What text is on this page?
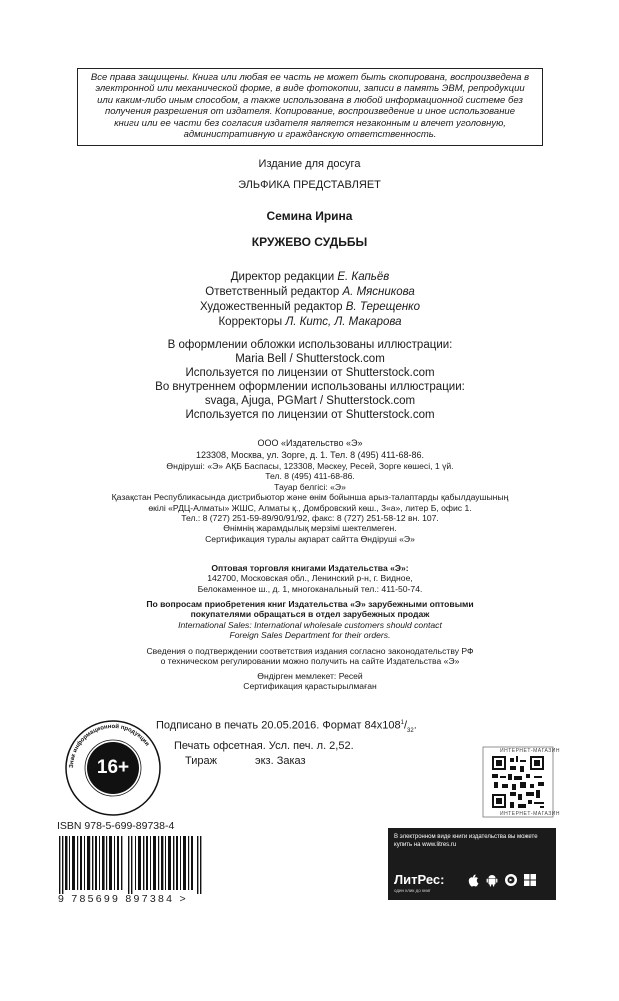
Все права защищены. Книга или любая ее часть не может быть скопирована, воспроизведена в
электронной или механической форме, в виде фотокопии, записи в память ЭВМ, репродукции
или каким-либо иным способом, а также использована в любой информационной системе без
получения разрешения от издателя. Копирование, воспроизведение и иное использование
книги или ее части без согласия издателя является незаконным и влечет уголовную,
административную и гражданскую ответственность.
Издание для досуга
ЭЛЬФИКА ПРЕДСТАВЛЯЕТ
Семина Ирина
КРУЖЕВО СУДЬБЫ
Директор редакции Е. Капьёв
Ответственный редактор А. Мясникова
Художественный редактор В. Терещенко
Корректоры Л. Китс, Л. Макарова
В оформлении обложки использованы иллюстрации:
Maria Bell / Shutterstock.com
Используется по лицензии от Shutterstock.com
Во внутреннем оформлении использованы иллюстрации:
svaga, Ajuga, PGMart / Shutterstock.com
Используется по лицензии от Shutterstock.com
ООО «Издательство «Э»
123308, Москва, ул. Зорге, д. 1. Тел. 8 (495) 411-68-86.
Өндіруші: «Э» АҚБ Баспасы, 123308, Мәскеу, Ресей, Зорге көшесі, 1 үй.
Тел. 8 (495) 411-68-86.
Тауар белгісі: «Э»
Қазақстан Республикасында дистрибьютор және өнім бойынша арыз-талаптарды қабылдаушының
өкілі «РДЦ-Алматы» ЖШС, Алматы қ., Домбровский көш., 3«а», литер Б, офис 1.
Тел.: 8 (727) 251-59-89/90/91/92, факс: 8 (727) 251-58-12 вн. 107.
Өнімнің жарамдылық мерзімі шектелмеген.
Сертификация туралы ақпарат сайтта Өндіруші «Э»
Оптовая торговля книгами Издательства «Э»:
142700, Московская обл., Ленинский р-н, г. Видное,
Белокаменное ш., д. 1, многоканальный тел.: 411-50-74.
По вопросам приобретения книг Издательства «Э» зарубежными оптовыми
покупателями обращаться в отдел зарубежных продаж
International Sales: International wholesale customers should contact
Foreign Sales Department for their orders.
Сведения о подтверждении соответствия издания согласно законодательству РФ
о техническом регулировании можно получить на сайте Издательства «Э»
Өндірген мемлекет: Ресей
Сертификация қарастырылмаған
Подписано в печать 20.05.2016. Формат $84x108^1/_{32}$.
Печать офсетная. Усл. печ. л. 2,52.
Тираж	экз. Заказ
Знак информационной продукции
16+
ISBN 978-5-699-89738-4
9 785699 897384 >
ИНТЕРНЕТ-МАГАЗИН
ИНТЕРНЕТ-МАГАЗИН
В электронном виде книги издательства вы можете
купить на www.litres.ru
ЛитРес:
один клик до книг
